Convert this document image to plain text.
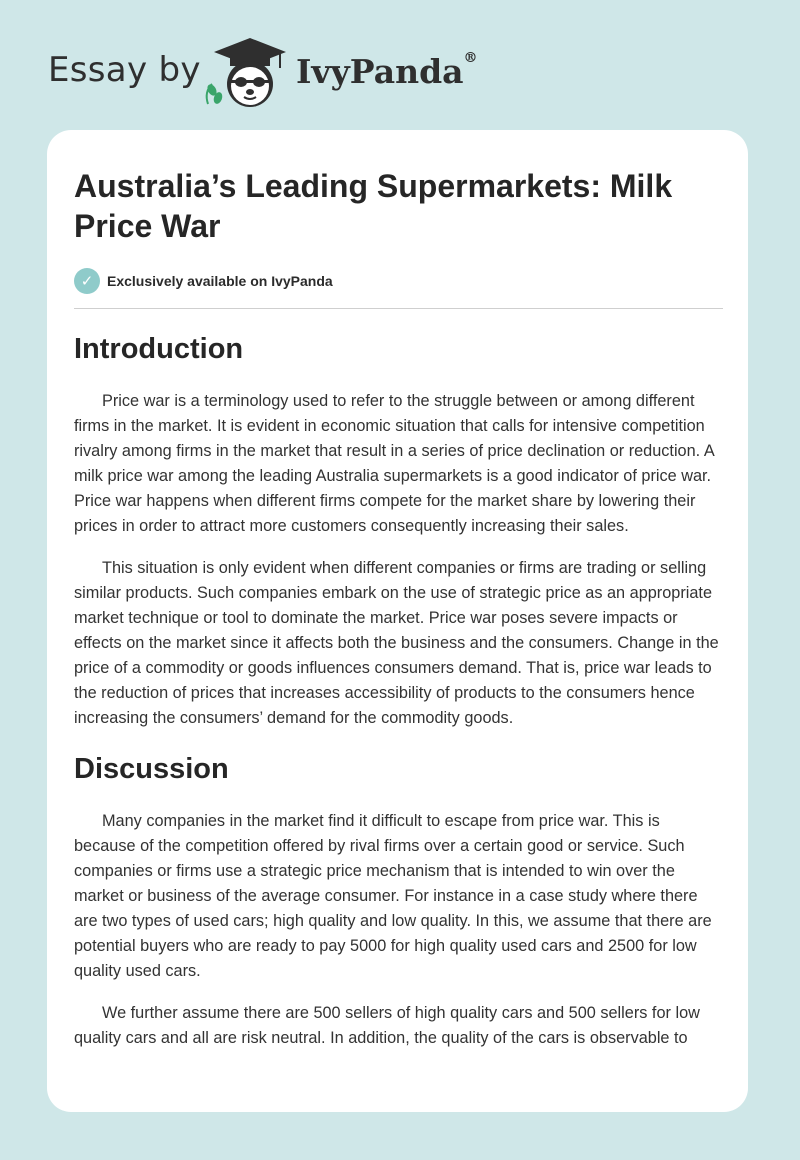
Essay by	IvyPanda®
Australia’s Leading Supermarkets: Milk Price War
✓ Exclusively available on IvyPanda
Introduction

Price war is a terminology used to refer to the struggle between or among different firms in the market. It is evident in economic situation that calls for intensive competition rivalry among firms in the market that result in a series of price declination or reduction. A milk price war among the leading Australia supermarkets is a good indicator of price war. Price war happens when different firms compete for the market share by lowering their prices in order to attract more customers consequently increasing their sales.

This situation is only evident when different companies or firms are trading or selling similar products. Such companies embark on the use of strategic price as an appropriate market technique or tool to dominate the market. Price war poses severe impacts or effects on the market since it affects both the business and the consumers. Change in the price of a commodity or goods influences consumers demand. That is, price war leads to the reduction of prices that increases accessibility of products to the consumers hence increasing the consumers’ demand for the commodity goods.

Discussion

Many companies in the market find it difficult to escape from price war. This is because of the competition offered by rival firms over a certain good or service. Such companies or firms use a strategic price mechanism that is intended to win over the market or business of the average consumer. For instance in a case study where there are two types of used cars; high quality and low quality. In this, we assume that there are potential buyers who are ready to pay 5000 for high quality used cars and 2500 for low quality used cars.

We further assume there are 500 sellers of high quality cars and 500 sellers for low quality cars and all are risk neutral. In addition, the quality of the cars is observable to
